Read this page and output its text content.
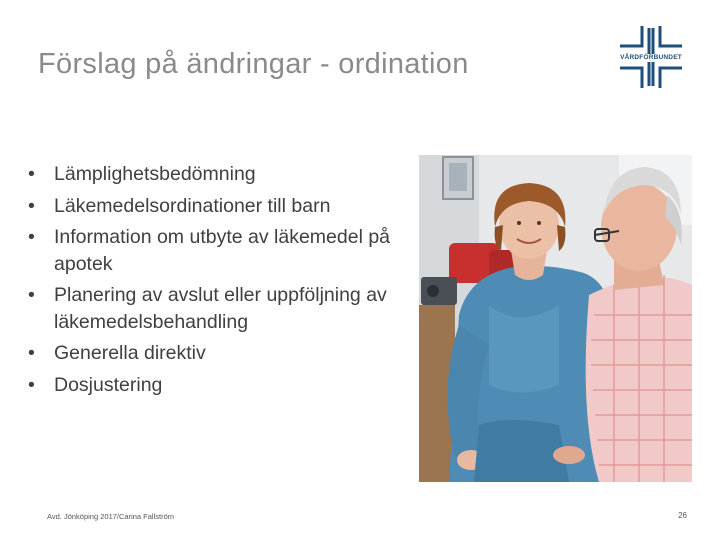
Förslag på ändringar - ordination	VÅRDFÖRBUNDET
• Lämplighetsbedömning
• Läkemedelsordinationer till barn
• Information om utbyte av läkemedel på apotek
• Planering av avslut eller uppföljning av läkemedelsbehandling
• Generella direktiv
• Dosjustering
Avd. Jönköping 2017/Carina Fallström	26
